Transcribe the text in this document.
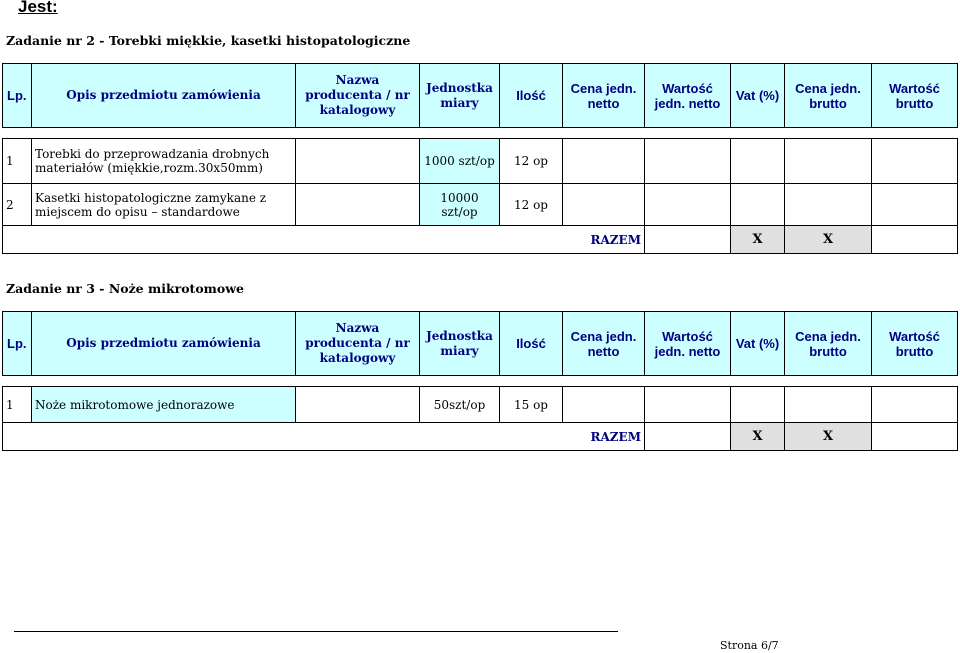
Jest:
Zadanie nr 2 - Torebki miękkie, kasetki histopatologiczne
Lp.	Opis przedmiotu zamówienia	Nazwa producenta / nr katalogowy	Jednostka miary	Ilość	Cena jedn. netto	Wartość jedn. netto	Vat (%)	Cena jedn. brutto	Wartość brutto

1	Torebki do przeprowadzania drobnych materiałów (miękkie,rozm.30x50mm)		1000 szt/op	12 op					
2	Kasetki histopatologiczne zamykane z miejscem do opisu – standardowe		10000 szt/op	12 op					
RAZEM							X	X	
Zadanie nr 3 - Noże mikrotomowe
Lp.	Opis przedmiotu zamówienia	Nazwa producenta / nr katalogowy	Jednostka miary	Ilość	Cena jedn. netto	Wartość jedn. netto	Vat (%)	Cena jedn. brutto	Wartość brutto

1	Noże mikrotomowe jednorazowe		50szt/op	15 op					
RAZEM							X	X	
Strona 6/7
